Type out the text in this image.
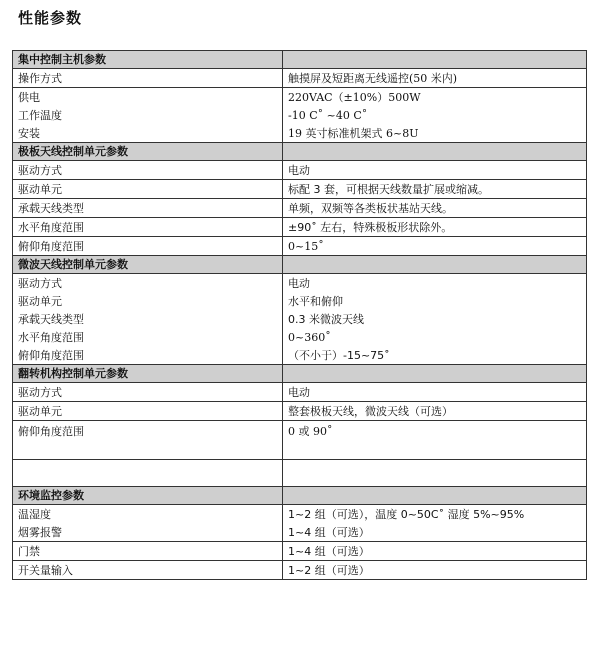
性能参数
集中控制主机参数	
操作方式	触摸屏及短距离无线遥控(50 米内)
供电	220VAC（±10%）500W
工作温度	-10 C˚ ~40 C˚
安装	19 英寸标准机架式 6~8U
极板天线控制单元参数	
驱动方式	电动
驱动单元	标配 3 套，可根据天线数量扩展或缩减。
承载天线类型	单频，双频等各类板状基站天线。
水平角度范围	±90˚ 左右，特殊极板形状除外。
俯仰角度范围	0~15˚
微波天线控制单元参数	
驱动方式	电动
驱动单元	水平和俯仰
承载天线类型	0.3 米微波天线
水平角度范围	0~360˚
俯仰角度范围	（不小于）-15~75˚
翻转机构控制单元参数	
驱动方式	电动
驱动单元	整套极板天线，微波天线（可选）
俯仰角度范围	0 或 90˚

环境监控参数	
温湿度	1~2 组（可选），温度 0~50C˚ 湿度 5%~95%
烟雾报警	1~4 组（可选）
门禁	1~4 组（可选）
开关量输入	1~2 组（可选）
